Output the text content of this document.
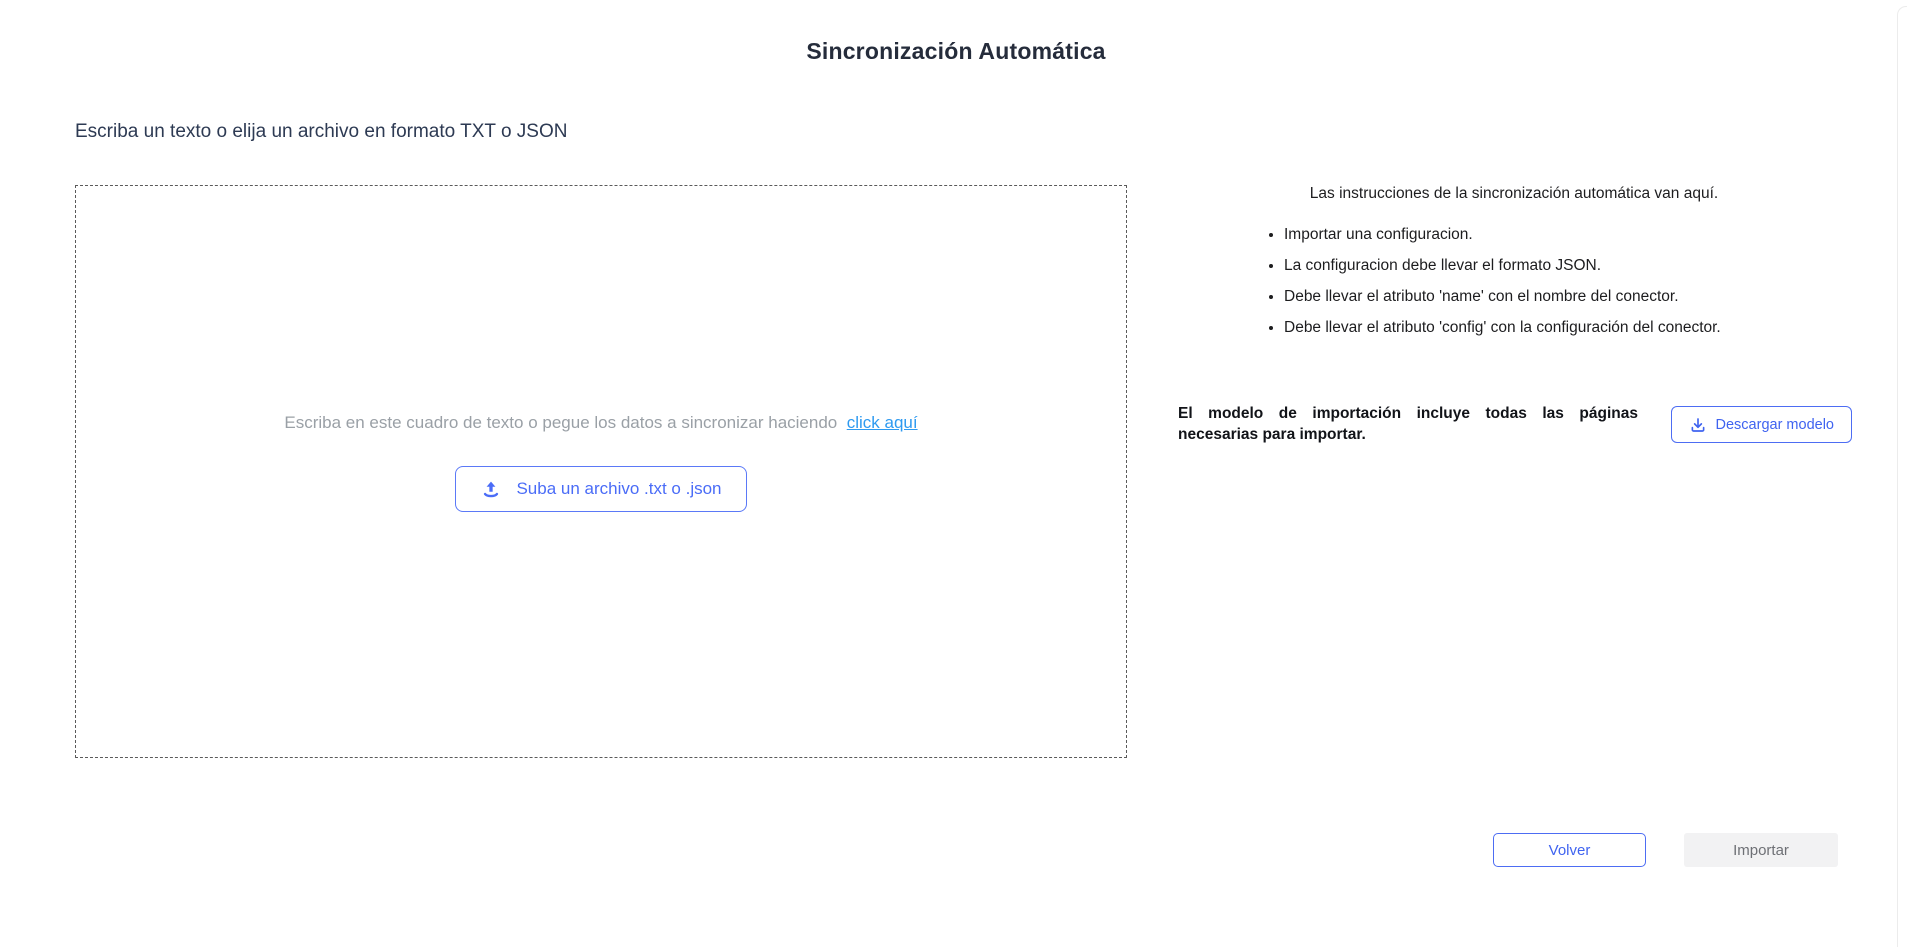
Sincronización Automática
Escriba un texto o elija un archivo en formato TXT o JSON
Escriba en este cuadro de texto o pegue los datos a sincronizar haciendo click aquí
Suba un archivo .txt o .json
Las instrucciones de la sincronización automática van aquí.
• Importar una configuracion.
• La configuracion debe llevar el formato JSON.
• Debe llevar el atributo 'name' con el nombre del conector.
• Debe llevar el atributo 'config' con la configuración del conector.
El modelo de importación incluye todas las páginas necesarias para importar.
Descargar modelo
Volver	Importar
